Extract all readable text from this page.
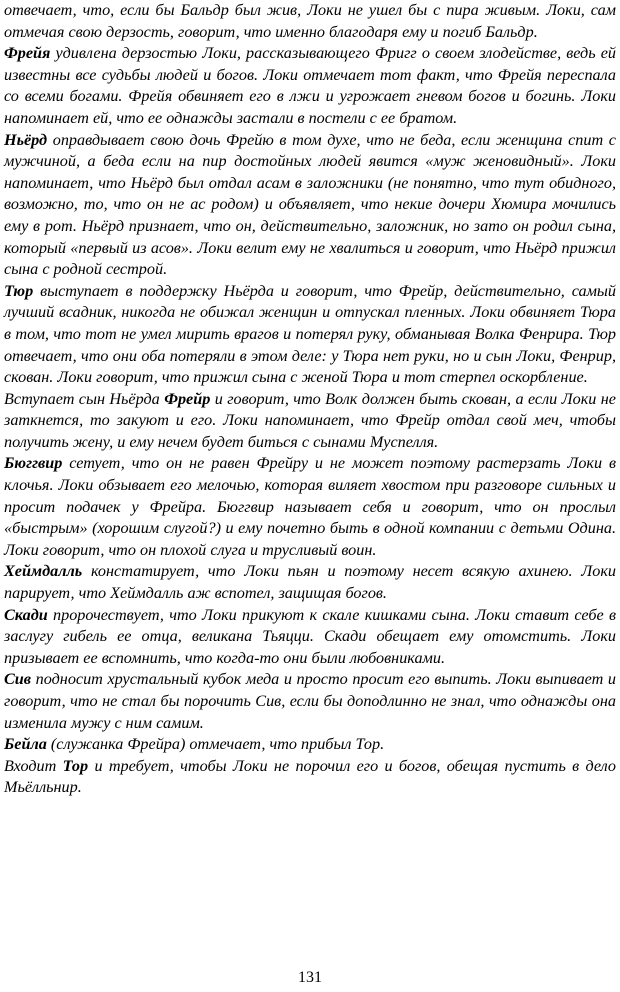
отвечает, что, если бы Бальдр был жив, Локи не ушел бы с пира живым. Локи, сам отмечая свою дерзость, говорит, что именно благодаря ему и погиб Бальдр.

Фрейя удивлена дерзостью Локи, рассказывающего Фригг о своем злодействе, ведь ей известны все судьбы людей и богов. Локи отмечает тот факт, что Фрейя переспала со всеми богами. Фрейя обвиняет его в лжи и угрожает гневом богов и богинь. Локи напоминает ей, что ее однажды застали в постели с ее братом.

Ньёрд оправдывает свою дочь Фрейю в том духе, что не беда, если женщина спит с мужчиной, а беда если на пир достойных людей явится «муж женовидный». Локи напоминает, что Ньёрд был отдал асам в заложники (не понятно, что тут обидного, возможно, то, что он не ас родом) и объявляет, что некие дочери Хюмира мочились ему в рот. Ньёрд признает, что он, действительно, заложник, но зато он родил сына, который «первый из асов». Локи велит ему не хвалиться и говорит, что Ньёрд прижил сына с родной сестрой.

Тюр выступает в поддержку Ньёрда и говорит, что Фрейр, действительно, самый лучший всадник, никогда не обижал женщин и отпускал пленных. Локи обвиняет Тюра в том, что тот не умел мирить врагов и потерял руку, обманывая Волка Фенрира. Тюр отвечает, что они оба потеряли в этом деле: у Тюра нет руки, но и сын Локи, Фенрир, скован. Локи говорит, что прижил сына с женой Тюра и тот стерпел оскорбление.

Вступает сын Ньёрда Фрейр и говорит, что Волк должен быть скован, а если Локи не заткнется, то закуют и его. Локи напоминает, что Фрейр отдал свой меч, чтобы получить жену, и ему нечем будет биться с сынами Муспелля.

Бюггвир сетует, что он не равен Фрейру и не может поэтому растерзать Локи в клочья. Локи обзывает его мелочью, которая виляет хвостом при разговоре сильных и просит подачек у Фрейра. Бюггвир называет себя и говорит, что он прослыл «быстрым» (хорошим слугой?) и ему почетно быть в одной компании с детьми Одина. Локи говорит, что он плохой слуга и трусливый воин.

Хеймдалль констатирует, что Локи пьян и поэтому несет всякую ахинею. Локи парирует, что Хеймдалль аж вспотел, защищая богов.

Скади пророчествует, что Локи прикуют к скале кишками сына. Локи ставит себе в заслугу гибель ее отца, великана Тьяцци. Скади обещает ему отомстить. Локи призывает ее вспомнить, что когда-то они были любовниками.

Сив подносит хрустальный кубок меда и просто просит его выпить. Локи выпивает и говорит, что не стал бы порочить Сив, если бы доподлинно не знал, что однажды она изменила мужу с ним самим.

Бейла (служанка Фрейра) отмечает, что прибыл Тор.

Входит Тор и требует, чтобы Локи не порочил его и богов, обещая пустить в дело Мьёлльнир.

131
